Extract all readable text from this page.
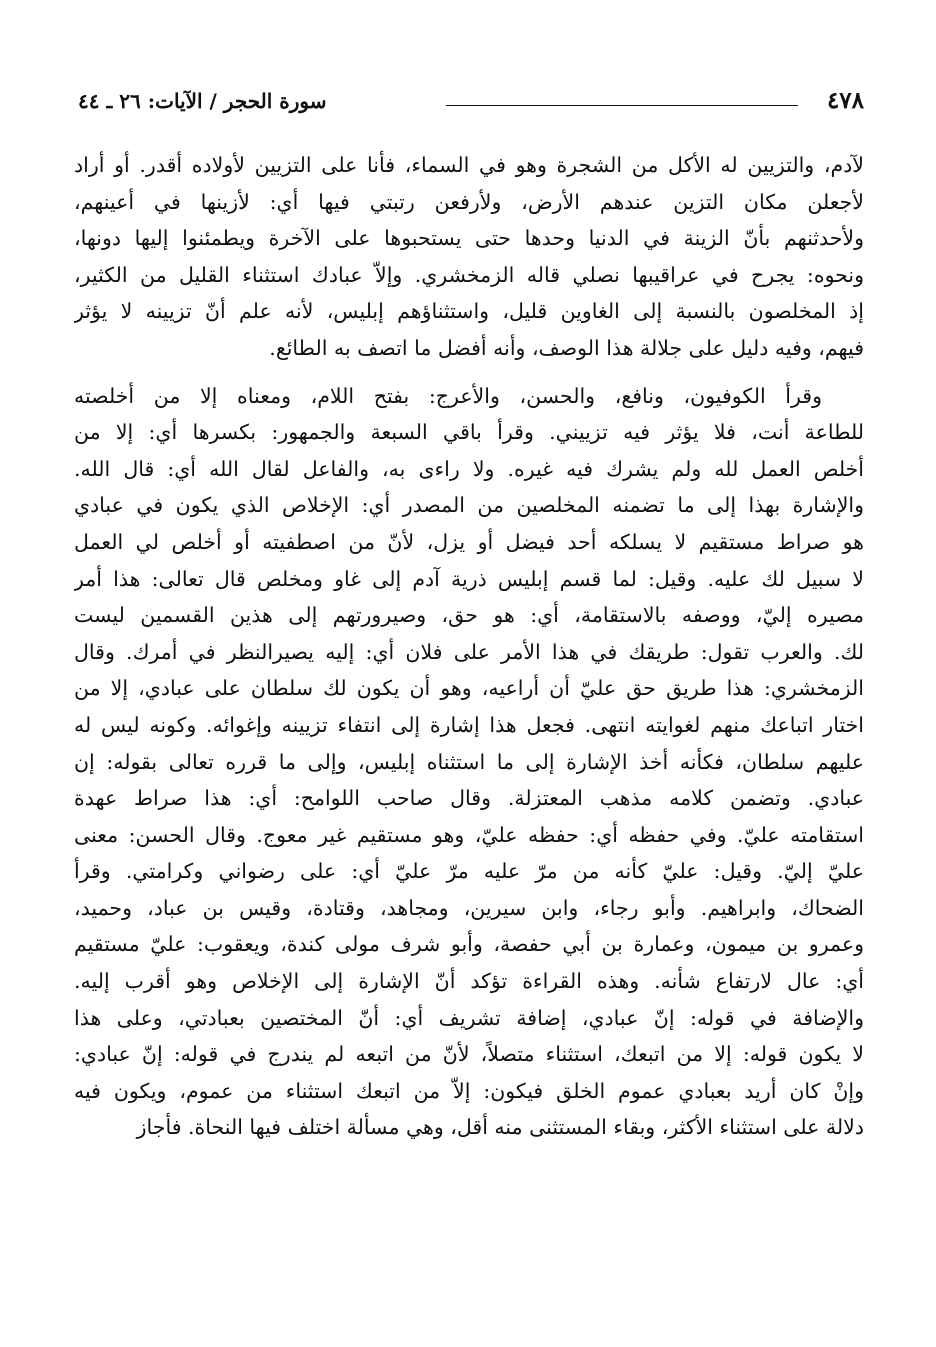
٤٧٨
سورة الحجر / الآيات: ٢٦ ـ ٤٤

لآدم، والتزيين له الأكل من الشجرة وهو في السماء، فأنا على التزيين لأولاده أقدر. أو أراد

لأجعلن مكان التزين عندهم الأرض، ولأرفعن رتبتي فيها أي: لأزينها في أعينهم،

ولأحدثنهم بأنّ الزينة في الدنيا وحدها حتى يستحبوها على الآخرة ويطمئنوا إليها دونها،

ونحوه: يجرح في عراقيبها نصلي قاله الزمخشري. وإلاّ عبادك استثناء القليل من الكثير،

إذ المخلصون بالنسبة إلى الغاوين قليل، واستثناؤهم إبليس، لأنه علم أنّ تزيينه لا يؤثر

فيهم، وفيه دليل على جلالة هذا الوصف، وأنه أفضل ما اتصف به الطائع.

وقرأ الكوفيون، ونافع، والحسن، والأعرج: بفتح اللام، ومعناه إلا من أخلصته

للطاعة أنت، فلا يؤثر فيه تزييني. وقرأ باقي السبعة والجمهور: بكسرها أي: إلا من

أخلص العمل لله ولم يشرك فيه غيره. ولا راءى به، والفاعل لقال الله أي: قال الله.

والإشارة بهذا إلى ما تضمنه المخلصين من المصدر أي: الإخلاص الذي يكون في عبادي

هو صراط مستقيم لا يسلكه أحد فيضل أو يزل، لأنّ من اصطفيته أو أخلص لي العمل

لا سبيل لك عليه. وقيل: لما قسم إبليس ذرية آدم إلى غاو ومخلص قال تعالى: هذا أمر

مصيره إليّ، ووصفه بالاستقامة، أي: هو حق، وصيرورتهم إلى هذين القسمين ليست

لك. والعرب تقول: طريقك في هذا الأمر على فلان أي: إليه يصيرالنظر في أمرك. وقال

الزمخشري: هذا طريق حق عليّ أن أراعيه، وهو أن يكون لك سلطان على عبادي، إلا من

اختار اتباعك منهم لغوايته انتهى. فجعل هذا إشارة إلى انتفاء تزيينه وإغوائه. وكونه ليس له

عليهم سلطان، فكأنه أخذ الإشارة إلى ما استثناه إبليس، وإلى ما قرره تعالى بقوله: إن

عبادي. وتضمن كلامه مذهب المعتزلة. وقال صاحب اللوامح: أي: هذا صراط عهدة

استقامته عليّ. وفي حفظه أي: حفظه عليّ، وهو مستقيم غير معوج. وقال الحسن: معنى

عليّ إليّ. وقيل: عليّ كأنه من مرّ عليه مرّ عليّ أي: على رضواني وكرامتي. وقرأ

الضحاك، وابراهيم. وأبو رجاء، وابن سيرين، ومجاهد، وقتادة، وقيس بن عباد، وحميد،

وعمرو بن ميمون، وعمارة بن أبي حفصة، وأبو شرف مولى كندة، ويعقوب: عليّ مستقيم

أي: عال لارتفاع شأنه. وهذه القراءة تؤكد أنّ الإشارة إلى الإخلاص وهو أقرب إليه.

والإضافة في قوله: إنّ عبادي، إضافة تشريف أي: أنّ المختصين بعبادتي، وعلى هذا

لا يكون قوله: إلا من اتبعك، استثناء متصلاً، لأنّ من اتبعه لم يندرج في قوله: إنّ عبادي:

وإنْ كان أريد بعبادي عموم الخلق فيكون: إلاّ من اتبعك استثناء من عموم، ويكون فيه

دلالة على استثناء الأكثر، وبقاء المستثنى منه أقل، وهي مسألة اختلف فيها النحاة. فأجاز
